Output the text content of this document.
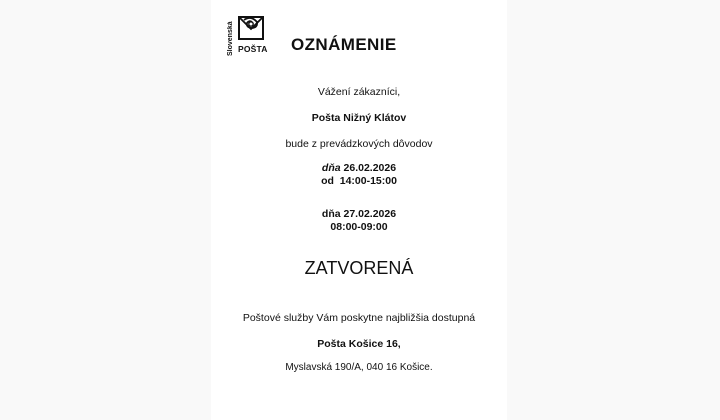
Slovenská POŠTA OZNÁMENIE
Vážení zákazníci,
Pošta Nižný Klátov
bude z prevádzkových dôvodov
dňa 26.02.2026
od  14:00-15:00
dňa 27.02.2026
08:00-09:00
ZATVORENÁ
Poštové služby Vám poskytne najbližšia dostupná
Pošta Košice 16,
Myslavská 190/A, 040 16 Košice.
